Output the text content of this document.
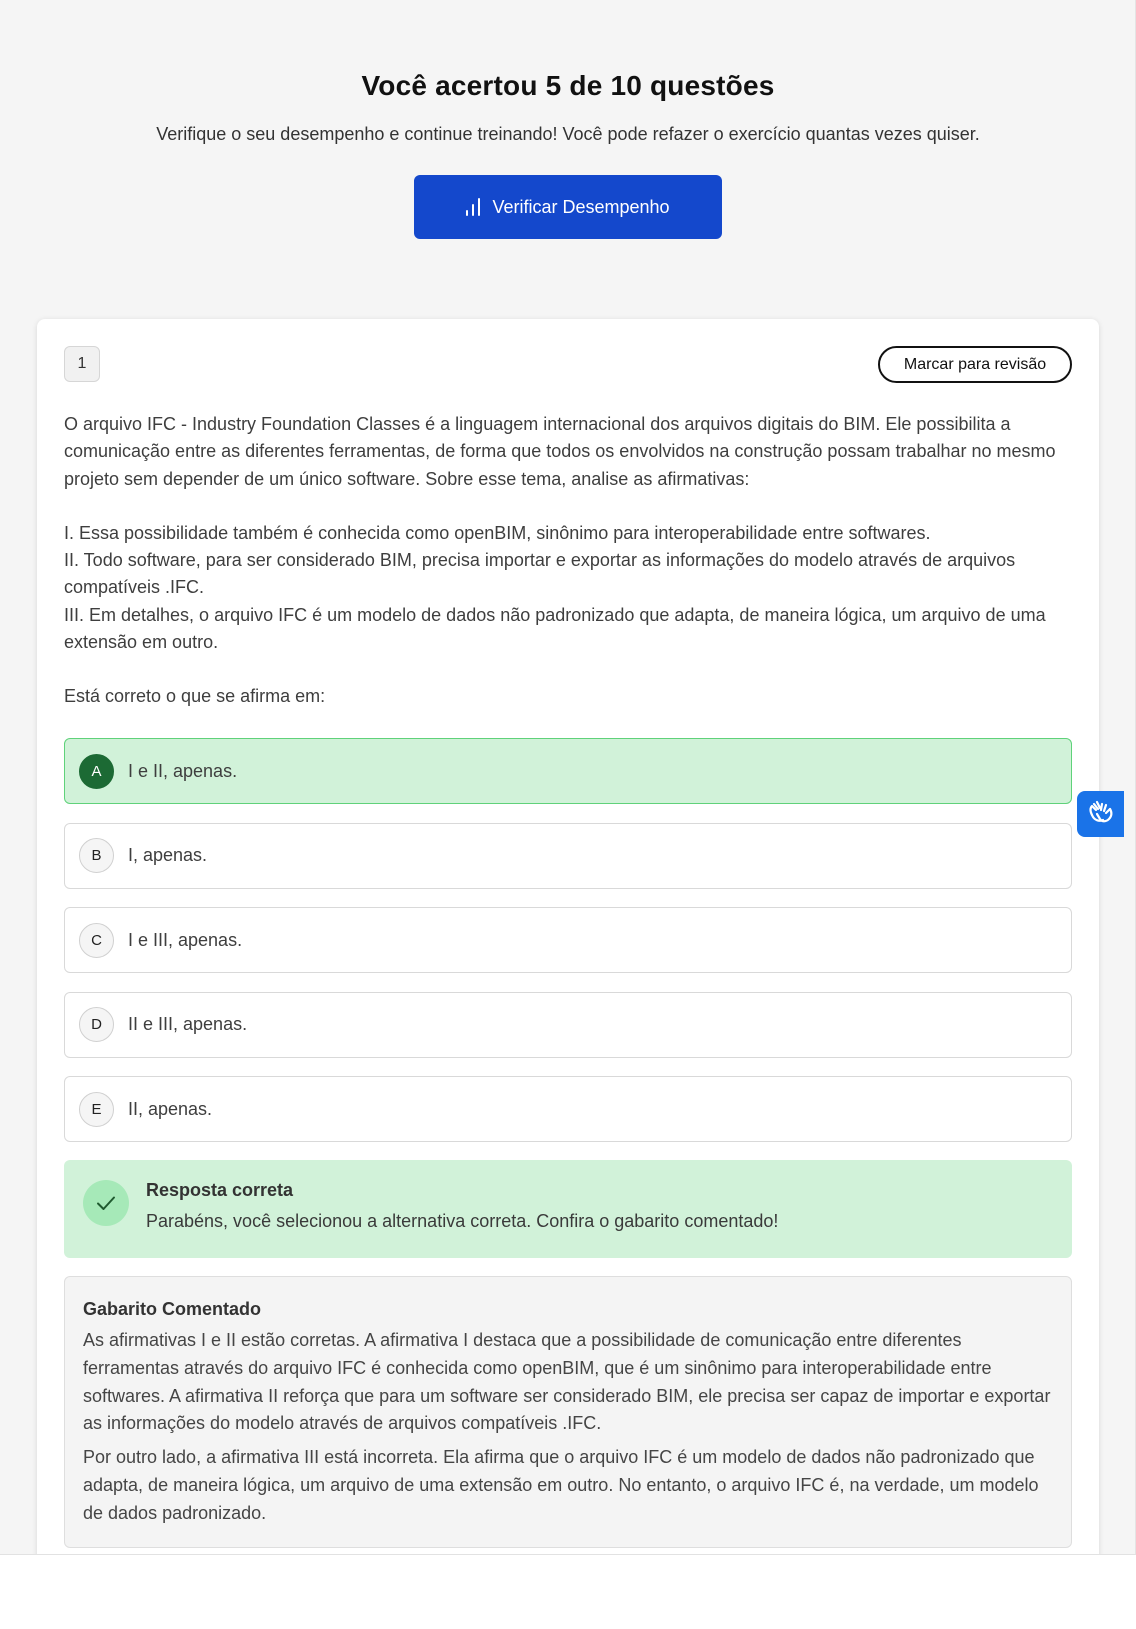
Você acertou 5 de 10 questões

Verifique o seu desempenho e continue treinando! Você pode refazer o exercício quantas vezes quiser.

Verificar Desempenho
1	Marcar para revisão

O arquivo IFC - Industry Foundation Classes é a linguagem internacional dos arquivos digitais do BIM. Ele possibilita a comunicação entre as diferentes ferramentas, de forma que todos os envolvidos na construção possam trabalhar no mesmo projeto sem depender de um único software. Sobre esse tema, analise as afirmativas:

I. Essa possibilidade também é conhecida como openBIM, sinônimo para interoperabilidade entre softwares.

II. Todo software, para ser considerado BIM, precisa importar e exportar as informações do modelo através de arquivos compatíveis .IFC.

III. Em detalhes, o arquivo IFC é um modelo de dados não padronizado que adapta, de maneira lógica, um arquivo de uma extensão em outro.

Está correto o que se afirma em:

A	I e II, apenas.
B	I, apenas.
C	I e III, apenas.
D	II e III, apenas.
E	II, apenas.
Resposta correta
Parabéns, você selecionou a alternativa correta. Confira o gabarito comentado!
Gabarito Comentado

As afirmativas I e II estão corretas. A afirmativa I destaca que a possibilidade de comunicação entre diferentes ferramentas através do arquivo IFC é conhecida como openBIM, que é um sinônimo para interoperabilidade entre softwares. A afirmativa II reforça que para um software ser considerado BIM, ele precisa ser capaz de importar e exportar as informações do modelo através de arquivos compatíveis .IFC.

Por outro lado, a afirmativa III está incorreta. Ela afirma que o arquivo IFC é um modelo de dados não padronizado que adapta, de maneira lógica, um arquivo de uma extensão em outro. No entanto, o arquivo IFC é, na verdade, um modelo de dados padronizado.
